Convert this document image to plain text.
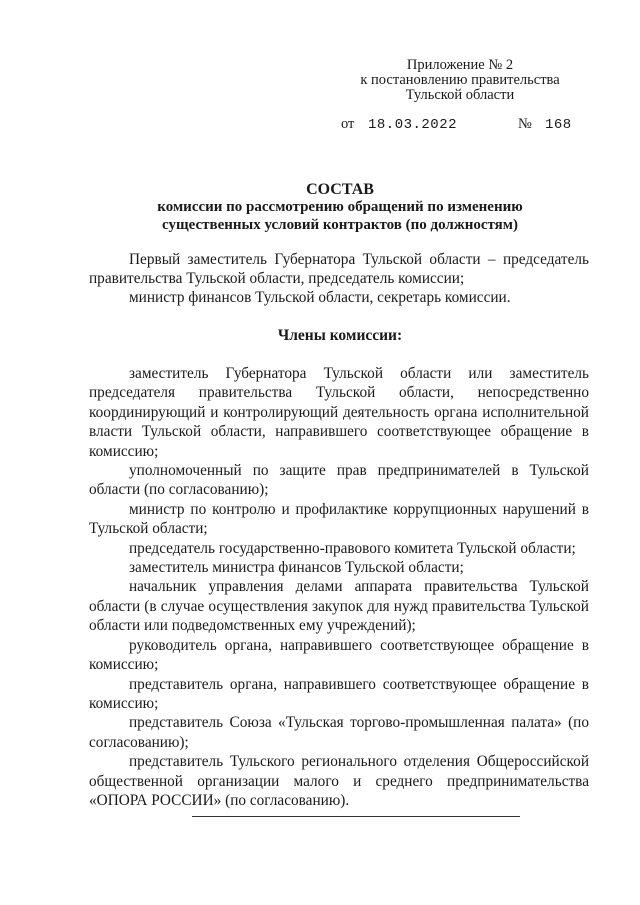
Приложение № 2
к постановлению правительства
Тульской области
от 18.03.2022	№ 168
СОСТАВ
комиссии по рассмотрению обращений по изменению
существенных условий контрактов (по должностям)
Первый заместитель Губернатора Тульской области – председатель правительства Тульской области, председатель комиссии;
министр финансов Тульской области, секретарь комиссии.
Члены комиссии:
заместитель Губернатора Тульской области или заместитель председателя правительства Тульской области, непосредственно координирующий и контролирующий деятельность органа исполнительной власти Тульской области, направившего соответствующее обращение в комиссию;
уполномоченный по защите прав предпринимателей в Тульской области (по согласованию);
министр по контролю и профилактике коррупционных нарушений в Тульской области;
председатель государственно-правового комитета Тульской области;
заместитель министра финансов Тульской области;
начальник управления делами аппарата правительства Тульской области (в случае осуществления закупок для нужд правительства Тульской области или подведомственных ему учреждений);
руководитель органа, направившего соответствующее обращение в комиссию;
представитель органа, направившего соответствующее обращение в комиссию;
представитель Союза «Тульская торгово-промышленная палата» (по согласованию);
представитель Тульского регионального отделения Общероссийской общественной организации малого и среднего предпринимательства «ОПОРА РОССИИ» (по согласованию).
